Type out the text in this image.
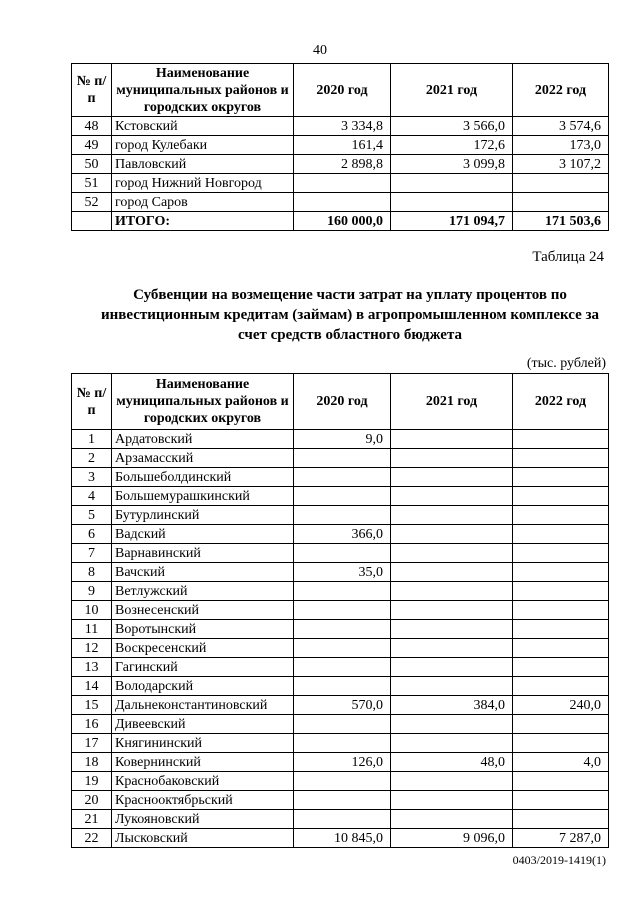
40
№ п/п	Наименование муниципальных районов и городских округов	2020 год	2021 год	2022 год
48	Кстовский	3 334,8	3 566,0	3 574,6
49	город Кулебаки	161,4	172,6	173,0
50	Павловский	2 898,8	3 099,8	3 107,2
51	город Нижний Новгород			
52	город Саров			
	ИТОГО:	160 000,0	171 094,7	171 503,6
Таблица 24
Субвенции на возмещение части затрат на уплату процентов по инвестиционным кредитам (займам) в агропромышленном комплексе за счет средств областного бюджета
(тыс. рублей)
№ п/п	Наименование муниципальных районов и городских округов	2020 год	2021 год	2022 год
1	Ардатовский	9,0		
2	Арзамасский			
3	Большеболдинский			
4	Большемурашкинский			
5	Бутурлинский			
6	Вадский	366,0		
7	Варнавинский			
8	Вачский	35,0		
9	Ветлужский			
10	Вознесенский			
11	Воротынский			
12	Воскресенский			
13	Гагинский			
14	Володарский			
15	Дальнеконстантиновский	570,0	384,0	240,0
16	Дивеевский			
17	Княгининский			
18	Ковернинский	126,0	48,0	4,0
19	Краснобаковский			
20	Краснооктябрьский			
21	Лукояновский			
22	Лысковский	10 845,0	9 096,0	7 287,0
0403/2019-1419(1)
